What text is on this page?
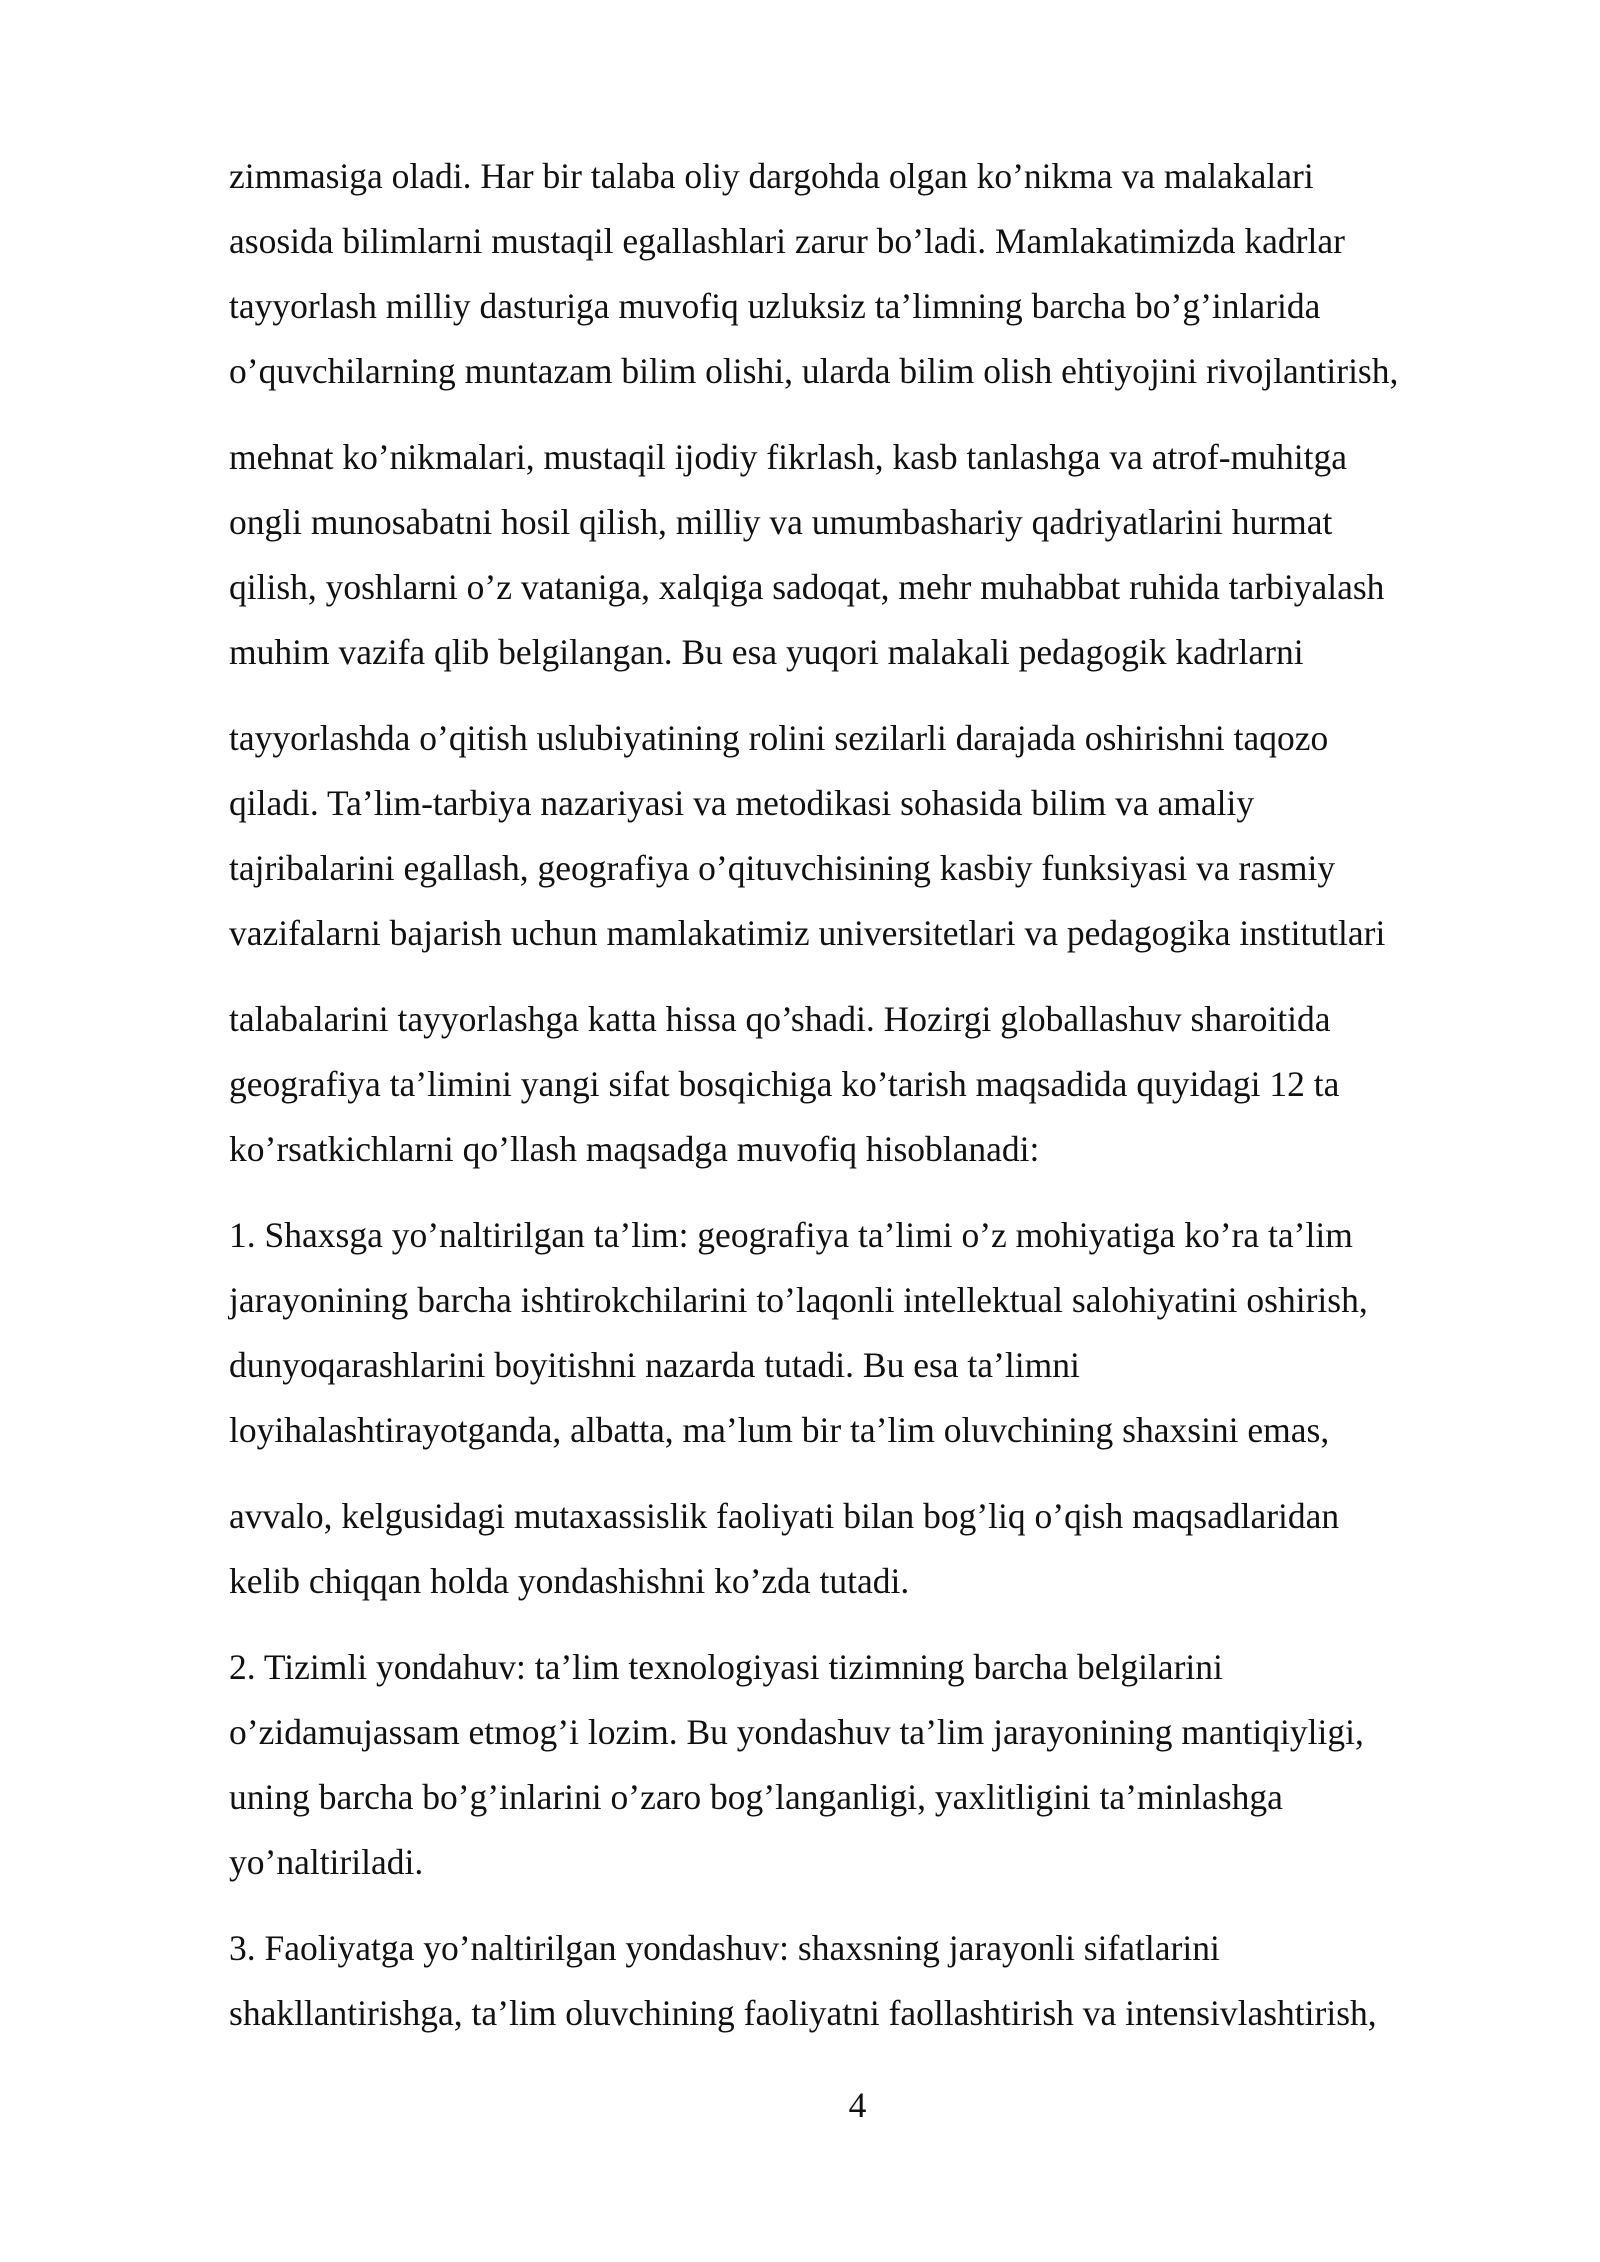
zimmasiga oladi. Har bir talaba oliy dargohda olgan ko’nikma va malakalari

asosida bilimlarni mustaqil egallashlari zarur bo’ladi. Mamlakatimizda kadrlar

tayyorlash milliy dasturiga muvofiq uzluksiz ta’limning barcha bo’g’inlarida

o’quvchilarning muntazam bilim olishi, ularda bilim olish ehtiyojini rivojlantirish,

mehnat ko’nikmalari, mustaqil ijodiy fikrlash, kasb tanlashga va atrof-muhitga

ongli munosabatni hosil qilish, milliy va umumbashariy qadriyatlarini hurmat

qilish, yoshlarni o’z vataniga, xalqiga sadoqat, mehr muhabbat ruhida tarbiyalash

muhim vazifa qlib belgilangan. Bu esa yuqori malakali pedagogik kadrlarni

tayyorlashda o’qitish uslubiyatining rolini sezilarli darajada oshirishni taqozo

qiladi. Ta’lim-tarbiya nazariyasi va metodikasi sohasida bilim va amaliy

tajribalarini egallash, geografiya o’qituvchisining kasbiy funksiyasi va rasmiy

vazifalarni bajarish uchun mamlakatimiz universitetlari va pedagogika institutlari

talabalarini tayyorlashga katta hissa qo’shadi. Hozirgi globallashuv sharoitida

geografiya ta’limini yangi sifat bosqichiga ko’tarish maqsadida quyidagi 12 ta

ko’rsatkichlarni qo’llash maqsadga muvofiq hisoblanadi:

1. Shaxsga yo’naltirilgan ta’lim: geografiya ta’limi o’z mohiyatiga ko’ra ta’lim

jarayonining barcha ishtirokchilarini to’laqonli intellektual salohiyatini oshirish,

dunyoqarashlarini boyitishni nazarda tutadi. Bu esa ta’limni

loyihalashtirayotganda, albatta, ma’lum bir ta’lim oluvchining shaxsini emas,

avvalo, kelgusidagi mutaxassislik faoliyati bilan bog’liq o’qish maqsadlaridan

kelib chiqqan holda yondashishni ko’zda tutadi.

2. Tizimli yondahuv: ta’lim texnologiyasi tizimning barcha belgilarini

o’zidamujassam etmog’i lozim. Bu yondashuv ta’lim jarayonining mantiqiyligi,

uning barcha bo’g’inlarini o’zaro bog’langanligi, yaxlitligini ta’minlashga

yo’naltiriladi.

3. Faoliyatga yo’naltirilgan yondashuv: shaxsning jarayonli sifatlarini

shakllantirishga, ta’lim oluvchining faoliyatni faollashtirish va intensivlashtirish,

4
